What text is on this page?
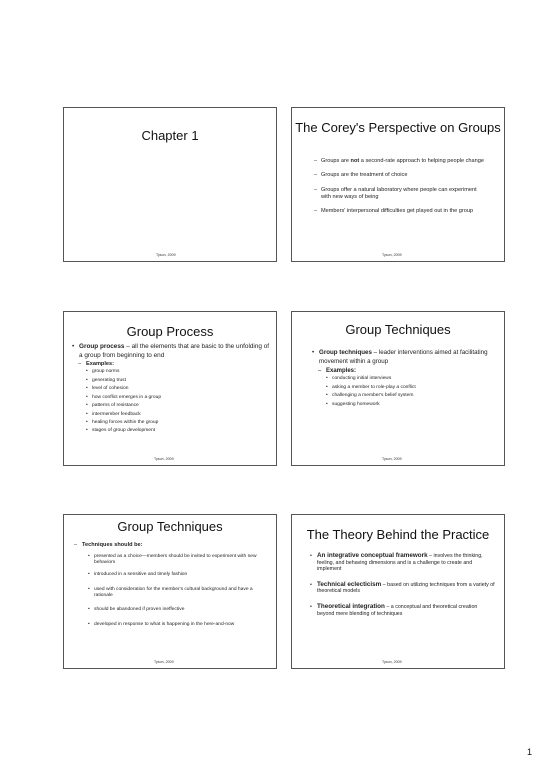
Chapter 1
Tyson, 2009
The Corey's Perspective on Groups
– Groups are not a second-rate approach to helping people change
– Groups are the treatment of choice
– Groups offer a natural laboratory where people can experiment with new ways of being
– Members' interpersonal difficulties get played out in the group
Tyson, 2009
Group Process
• Group process – all the elements that are basic to the unfolding of a group from beginning to end
– Examples:
• group norms
• generating trust
• level of cohesion
• how conflict emerges in a group
• patterns of resistance
• intermember feedback
• healing forces within the group
• stages of group development
Tyson, 2009
Group Techniques
• Group techniques – leader interventions aimed at facilitating movement within a group
– Examples:
• conducting initial interviews
• asking a member to role-play a conflict
• challenging a member's belief system
• suggesting homework
Tyson, 2009
Group Techniques
– Techniques should be:
• presented as a choice—members should be invited to experiment with new behaviors
• introduced in a sensitive and timely fashion
• used with consideration for the member's cultural background and have a rationale
• should be abandoned if proven ineffective
• developed in response to what is happening in the here-and-now
Tyson, 2009
The Theory Behind the Practice
• An integrative conceptual framework – involves the thinking, feeling, and behaving dimensions and is a challenge to create and implement
• Technical eclecticism – based on utilizing techniques from a variety of theoretical models
• Theoretical integration – a conceptual and theoretical creation beyond mere blending of techniques
Tyson, 2009
1
